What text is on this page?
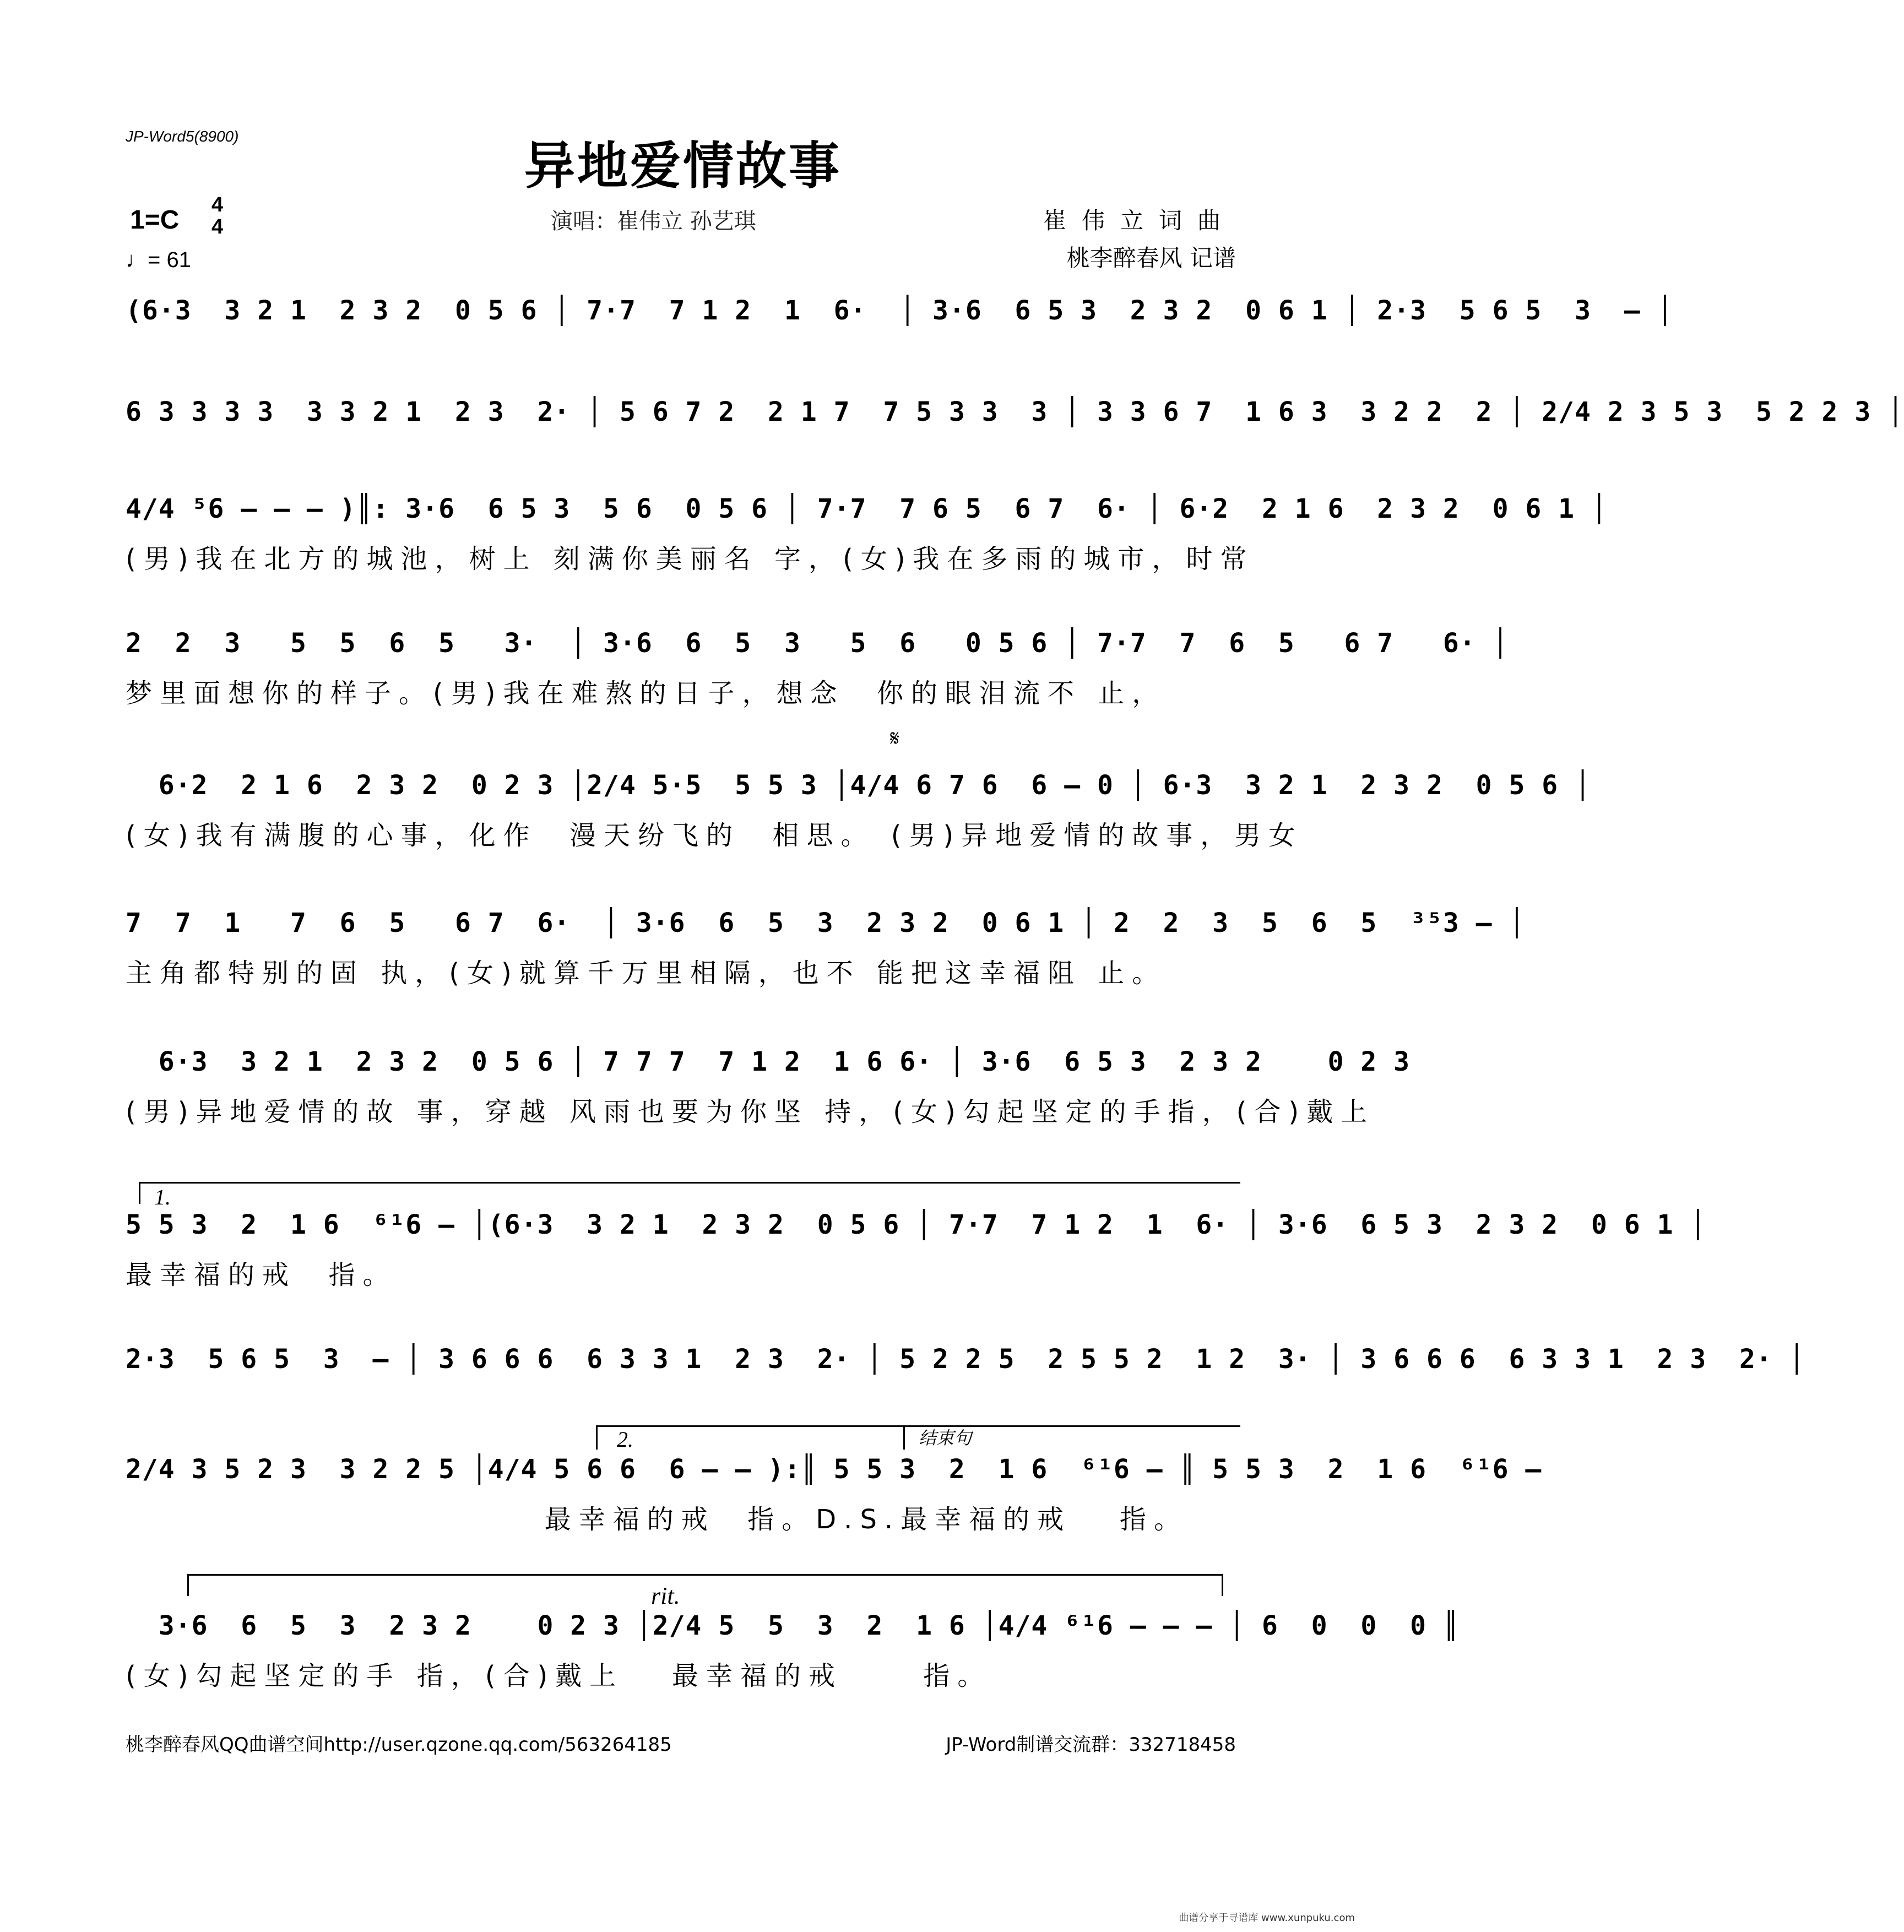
JP-Word5(8900)	异地爱情故事
1=C
4
4
♩= 61
演唱：崔伟立 孙艺琪	崔伟立词曲
桃李醉春风 记谱
(6·3  3 2 1  2 3 2  0 5 6 │ 7·7  7 1 2  1  6·  │ 3·6  6 5 3  2 3 2  0 6 1 │ 2·3  5 6 5  3  – │
6 3 3 3 3  3 3 2 1  2 3  2· │ 5 6 7 2  2 1 7  7 5 3 3  3 │ 3 3 6 7  1 6 3  3 2 2  2 │ 2/4 2 3 5 3  5 2 2 3 │
4/4 ⁵6 – – – )║: 3·6  6 5 3  5 6  0 5 6 │ 7·7  7 6 5  6 7  6· │ 6·2  2 1 6  2 3 2  0 6 1 │
(男)我在北方的城池，树上 刻满你美丽名 字，(女)我在多雨的城市，时常
2  2  3   5  5  6  5   3·  │ 3·6  6  5  3   5  6   0 5 6 │ 7·7  7  6  5   6 7   6· │
梦里面想你的样子。(男)我在难熬的日子，想念  你的眼泪流不 止，
𝄋
6·2  2 1 6  2 3 2  0 2 3 │2/4 5·5  5 5 3 │4/4 6 7 6  6 – 0 │ 6·3  3 2 1  2 3 2  0 5 6 │
(女)我有满腹的心事，化作  漫天纷飞的  相思。 (男)异地爱情的故事，男女
7  7  1   7  6  5   6 7  6·  │ 3·6  6  5  3  2 3 2  0 6 1 │ 2  2  3  5  6  5  ³⁵3 – │
主角都特别的固 执，(女)就算千万里相隔，也不 能把这幸福阻 止。
6·3  3 2 1  2 3 2  0 5 6 │ 7 7 7  7 1 2  1 6 6· │ 3·6  6 5 3  2 3 2    0 2 3
(男)异地爱情的故 事，穿越 风雨也要为你坚 持，(女)勾起坚定的手指，(合)戴上
1.
5 5 3  2  1 6  ⁶¹6 – │(6·3  3 2 1  2 3 2  0 5 6 │ 7·7  7 1 2  1  6· │ 3·6  6 5 3  2 3 2  0 6 1 │
最幸福的戒  指。
2·3  5 6 5  3  – │ 3 6 6 6  6 3 3 1  2 3  2· │ 5 2 2 5  2 5 5 2  1 2  3· │ 3 6 6 6  6 3 3 1  2 3  2· │
2.	结束句
2/4 3 5 2 3  3 2 2 5 │4/4 5 6 6  6 – – ):║ 5 5 3  2  1 6  ⁶¹6 – ║ 5 5 3  2  1 6  ⁶¹6 –
最幸福的戒  指。D.S.最幸福的戒   指。
rit.
3·6  6  5  3  2 3 2    0 2 3 │2/4 5  5  3  2  1 6 │4/4 ⁶¹6 – – – │ 6  0  0  0 ║
(女)勾起坚定的手 指，(合)戴上   最幸福的戒     指。
桃李醉春风QQ曲谱空间http://user.qzone.qq.com/563264185	JP-Word制谱交流群：332718458
曲谱分享于寻谱库 www.xunpuku.com
